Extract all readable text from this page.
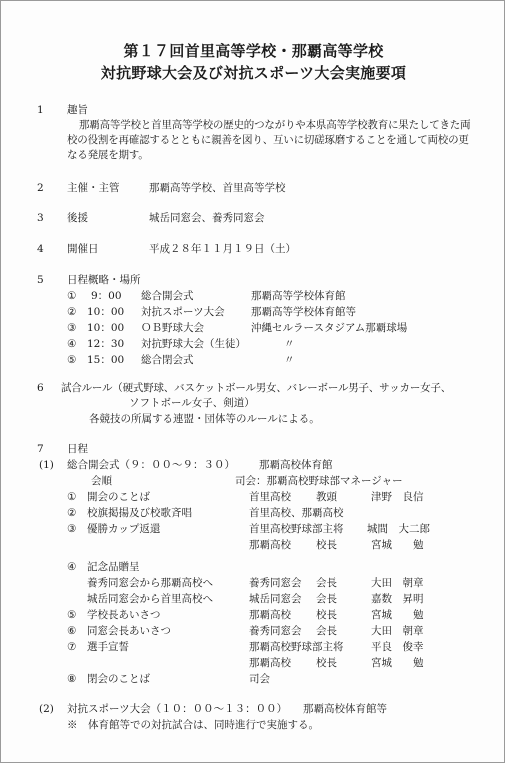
第１７回首里高等学校・那覇高等学校
対抗野球大会及び対抗スポーツ大会実施要項
1 趣旨
那覇高等学校と首里高等学校の歴史的つながりや本県高等学校教育に果たしてきた両
校の役割を再確認するとともに親善を図り、互いに切磋琢磨することを通して両校の更
なる発展を期す。
2 主催・主管	那覇高等学校、首里高等学校
3 後援	城岳同窓会、養秀同窓会
4 開催日	平成２８年１１月１９日（土）
5 日程概略・場所
① 9：00 総合開会式	那覇高等学校体育館
② 10：00 対抗スポーツ大会	那覇高等学校体育館等
③ 10：00 ＯＢ野球大会	沖縄セルラースタジアム那覇球場
④ 12：30 対抗野球大会（生徒）	〃
⑤ 15：00 総合閉会式	〃
6 試合ルール（硬式野球、バスケットボール男女、バレーボール男子、サッカー女子、
ソフトボール女子、剣道）
各競技の所属する連盟・団体等のルールによる。
7 日程
(1) 総合開会式（９：００～９：３０） 那覇高校体育館
会順	司会：那覇高校野球部マネージャー
① 開会のことば	首里高校 教頭	津野　良信
② 校旗掲揚及び校歌斉唱	首里高校、那覇高校
③ 優勝カップ返還	首里高校野球部主将 城間　大二郎
那覇高校 校長	宮城　　勉
④ 記念品贈呈
養秀同窓会から那覇高校へ	養秀同窓会 会長	大田　朝章
城岳同窓会から首里高校へ	城岳同窓会 会長	嘉数　昇明
⑤ 学校長あいさつ	那覇高校 校長	宮城　　勉
⑥ 同窓会長あいさつ	養秀同窓会 会長	大田　朝章
⑦ 選手宣誓	那覇高校野球部主将	平良　俊幸
那覇高校 校長	宮城　　勉
⑧ 閉会のことば	司会
(2) 対抗スポーツ大会（１０：００～１３：００） 那覇高校体育館等
※　体育館等での対抗試合は、同時進行で実施する。
